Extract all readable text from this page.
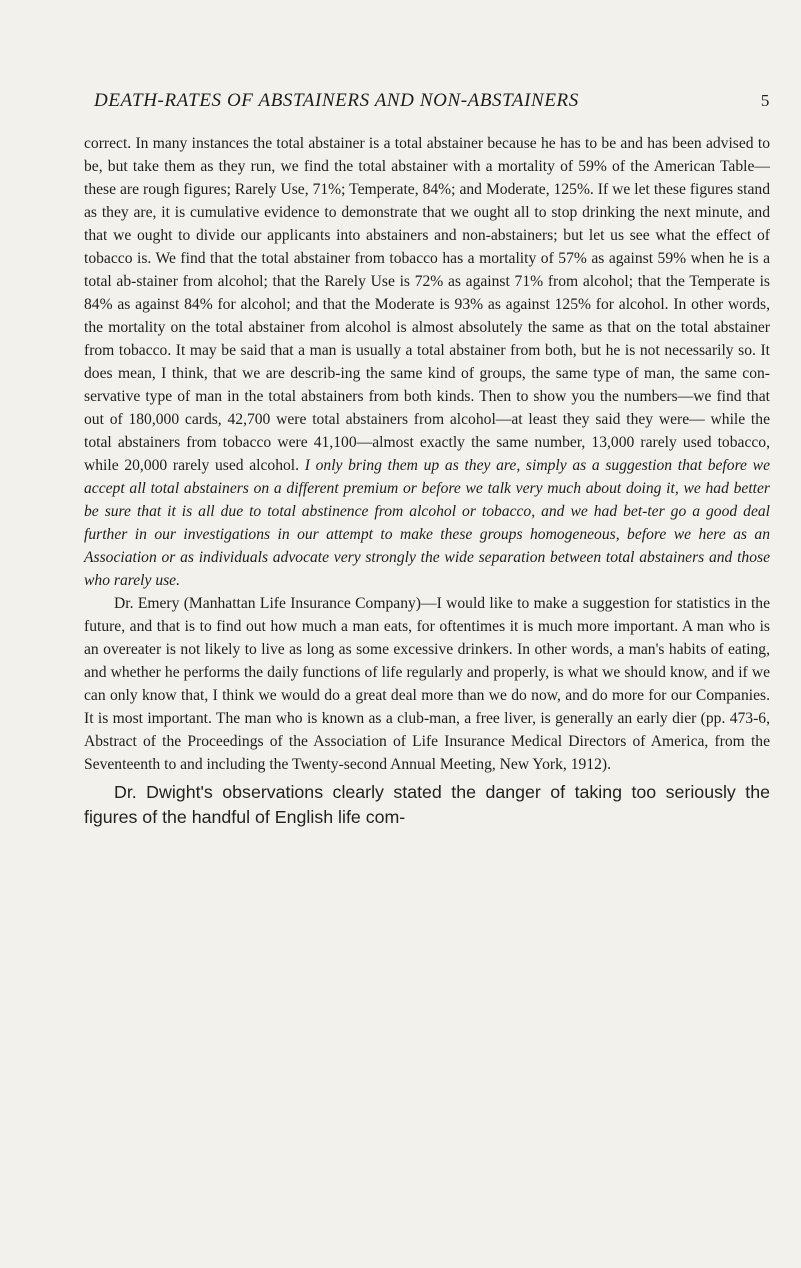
DEATH-RATES OF ABSTAINERS AND NON-ABSTAINERS	5

correct. In many instances the total abstainer is a total abstainer because he has to be and has been advised to be, but take them as they run, we find the total abstainer with a mortality of 59% of the American Table—these are rough figures; Rarely Use, 71%; Temperate, 84%; and Moderate, 125%. If we let these figures stand as they are, it is cumulative evidence to demonstrate that we ought all to stop drinking the next minute, and that we ought to divide our applicants into abstainers and non-abstainers; but let us see what the effect of tobacco is. We find that the total abstainer from tobacco has a mortality of 57% as against 59% when he is a total ab-stainer from alcohol; that the Rarely Use is 72% as against 71% from alcohol; that the Temperate is 84% as against 84% for alcohol; and that the Moderate is 93% as against 125% for alcohol. In other words, the mortality on the total abstainer from alcohol is almost absolutely the same as that on the total abstainer from tobacco. It may be said that a man is usually a total abstainer from both, but he is not necessarily so. It does mean, I think, that we are describ-ing the same kind of groups, the same type of man, the same con-servative type of man in the total abstainers from both kinds. Then to show you the numbers—we find that out of 180,000 cards, 42,700 were total abstainers from alcohol—at least they said they were— while the total abstainers from tobacco were 41,100—almost exactly the same number, 13,000 rarely used tobacco, while 20,000 rarely used alcohol. I only bring them up as they are, simply as a suggestion that before we accept all total abstainers on a different premium or before we talk very much about doing it, we had better be sure that it is all due to total abstinence from alcohol or tobacco, and we had bet-ter go a good deal further in our investigations in our attempt to make these groups homogeneous, before we here as an Association or as individuals advocate very strongly the wide separation between total abstainers and those who rarely use.

Dr. Emery (Manhattan Life Insurance Company)—I would like to make a suggestion for statistics in the future, and that is to find out how much a man eats, for oftentimes it is much more important. A man who is an overeater is not likely to live as long as some excessive drinkers. In other words, a man's habits of eating, and whether he performs the daily functions of life regularly and properly, is what we should know, and if we can only know that, I think we would do a great deal more than we do now, and do more for our Companies. It is most important. The man who is known as a club-man, a free liver, is generally an early dier (pp. 473-6, Abstract of the Proceedings of the Association of Life Insurance Medical Directors of America, from the Seventeenth to and including the Twenty-second Annual Meeting, New York, 1912).

Dr. Dwight's observations clearly stated the danger of taking too seriously the figures of the handful of English life com-
